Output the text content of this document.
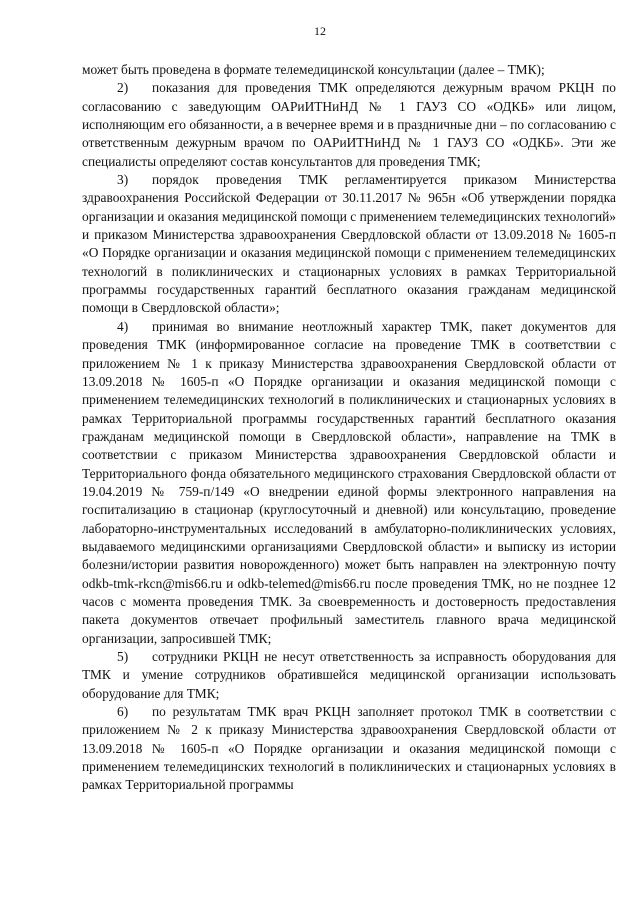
12

может быть проведена в формате телемедицинской консультации (далее – ТМК);

2) показания для проведения ТМК определяются дежурным врачом РКЦН по согласованию с заведующим ОАРиИТНиНД № 1 ГАУЗ СО «ОДКБ» или лицом, исполняющим его обязанности, а в вечернее время и в праздничные дни – по согласованию с ответственным дежурным врачом по ОАРиИТНиНД № 1 ГАУЗ СО «ОДКБ». Эти же специалисты определяют состав консультантов для проведения ТМК;

3) порядок проведения ТМК регламентируется приказом Министерства здравоохранения Российской Федерации от 30.11.2017 № 965н «Об утверждении порядка организации и оказания медицинской помощи с применением телемедицинских технологий» и приказом Министерства здравоохранения Свердловской области от 13.09.2018 № 1605-п «О Порядке организации и оказания медицинской помощи с применением телемедицинских технологий в поликлинических и стационарных условиях в рамках Территориальной программы государственных гарантий бесплатного оказания гражданам медицинской помощи в Свердловской области»;

4) принимая во внимание неотложный характер ТМК, пакет документов для проведения ТМК (информированное согласие на проведение ТМК в соответствии с приложением № 1 к приказу Министерства здравоохранения Свердловской области от 13.09.2018 № 1605-п «О Порядке организации и оказания медицинской помощи с применением телемедицинских технологий в поликлинических и стационарных условиях в рамках Территориальной программы государственных гарантий бесплатного оказания гражданам медицинской помощи в Свердловской области», направление на ТМК в соответствии с приказом Министерства здравоохранения Свердловской области и Территориального фонда обязательного медицинского страхования Свердловской области от 19.04.2019 № 759-п/149 «О внедрении единой формы электронного направления на госпитализацию в стационар (круглосуточный и дневной) или консультацию, проведение лабораторно-инструментальных исследований в амбулаторно-поликлинических условиях, выдаваемого медицинскими организациями Свердловской области» и выписку из истории болезни/истории развития новорожденного) может быть направлен на электронную почту odkb-tmk-rkcn@mis66.ru и odkb-telemed@mis66.ru после проведения ТМК, но не позднее 12 часов с момента проведения ТМК. За своевременность и достоверность предоставления пакета документов отвечает профильный заместитель главного врача медицинской организации, запросившей ТМК;

5) сотрудники РКЦН не несут ответственность за исправность оборудования для ТМК и умение сотрудников обратившейся медицинской организации использовать оборудование для ТМК;

6) по результатам ТМК врач РКЦН заполняет протокол ТМК в соответствии с приложением № 2 к приказу Министерства здравоохранения Свердловской области от 13.09.2018 № 1605-п «О Порядке организации и оказания медицинской помощи с применением телемедицинских технологий в поликлинических и стационарных условиях в рамках Территориальной программы
